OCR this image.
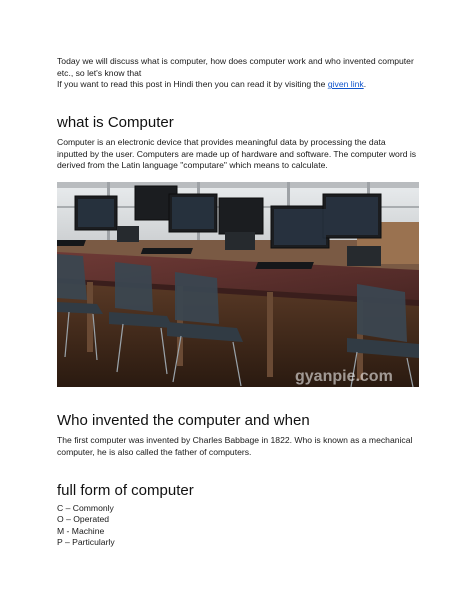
Today we will discuss what is computer, how does computer work and who invented computer etc., so let's know that
If you want to read this post in Hindi then you can read it by visiting the given link.

what is Computer

Computer is an electronic device that provides meaningful data by processing the data inputted by the user. Computers are made up of hardware and software. The computer word is derived from the Latin language "computare" which means to calculate.

gyanpie.com
Who invented the computer and when

The first computer was invented by Charles Babbage in 1822. Who is known as a mechanical computer, he is also called the father of computers.

full form of computer
C – Commonly
O – Operated
M - Machine
P – Particularly
